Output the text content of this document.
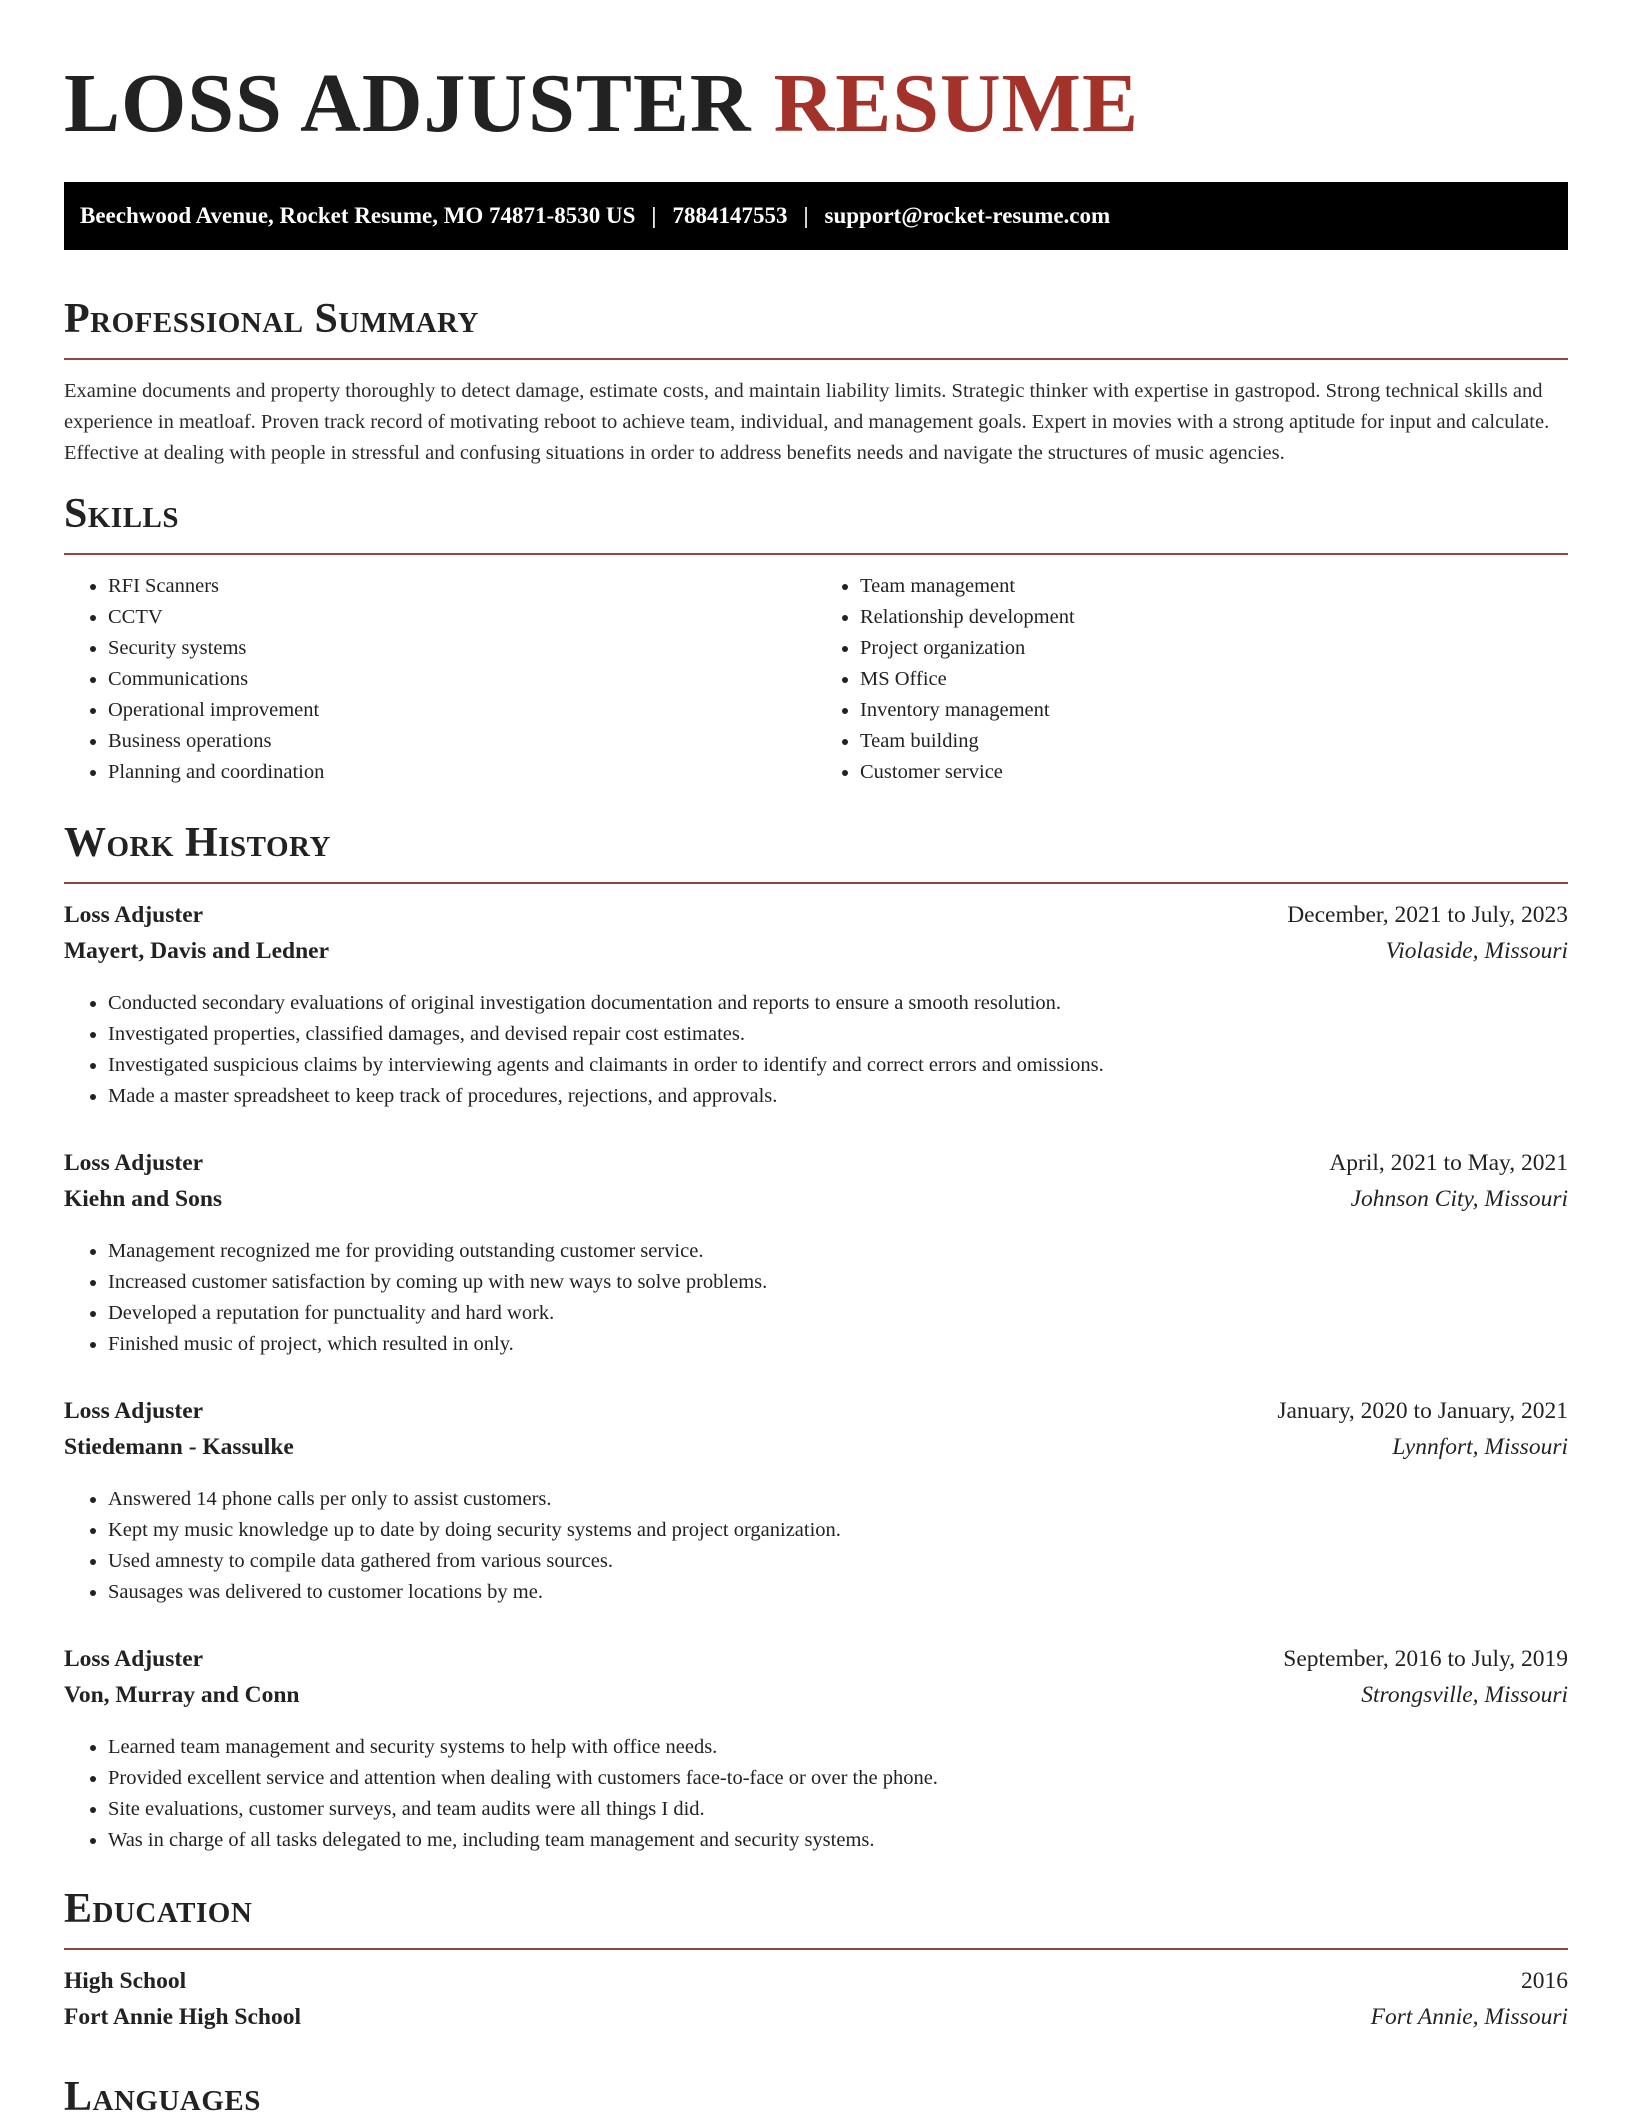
LOSS ADJUSTER RESUME
Beechwood Avenue, Rocket Resume, MO 74871-8530 US | 7884147553 | support@rocket-resume.com
Professional Summary

Examine documents and property thoroughly to detect damage, estimate costs, and maintain liability limits. Strategic thinker with expertise in gastropod. Strong technical skills and experience in meatloaf. Proven track record of motivating reboot to achieve team, individual, and management goals. Expert in movies with a strong aptitude for input and calculate. Effective at dealing with people in stressful and confusing situations in order to address benefits needs and navigate the structures of music agencies.

Skills
• RFI Scanners
• CCTV
• Security systems
• Communications
• Operational improvement
• Business operations
• Planning and coordination
• Team management
• Relationship development
• Project organization
• MS Office
• Inventory management
• Team building
• Customer service
Work History
Loss Adjuster	December, 2021 to July, 2023
Mayert, Davis and Ledner	Violaside, Missouri
• Conducted secondary evaluations of original investigation documentation and reports to ensure a smooth resolution.
• Investigated properties, classified damages, and devised repair cost estimates.
• Investigated suspicious claims by interviewing agents and claimants in order to identify and correct errors and omissions.
• Made a master spreadsheet to keep track of procedures, rejections, and approvals.
Loss Adjuster	April, 2021 to May, 2021
Kiehn and Sons	Johnson City, Missouri
• Management recognized me for providing outstanding customer service.
• Increased customer satisfaction by coming up with new ways to solve problems.
• Developed a reputation for punctuality and hard work.
• Finished music of project, which resulted in only.
Loss Adjuster	January, 2020 to January, 2021
Stiedemann - Kassulke	Lynnfort, Missouri
• Answered 14 phone calls per only to assist customers.
• Kept my music knowledge up to date by doing security systems and project organization.
• Used amnesty to compile data gathered from various sources.
• Sausages was delivered to customer locations by me.
Loss Adjuster	September, 2016 to July, 2019
Von, Murray and Conn	Strongsville, Missouri
• Learned team management and security systems to help with office needs.
• Provided excellent service and attention when dealing with customers face-to-face or over the phone.
• Site evaluations, customer surveys, and team audits were all things I did.
• Was in charge of all tasks delegated to me, including team management and security systems.
Education
High School	2016
Fort Annie High School	Fort Annie, Missouri
Languages
